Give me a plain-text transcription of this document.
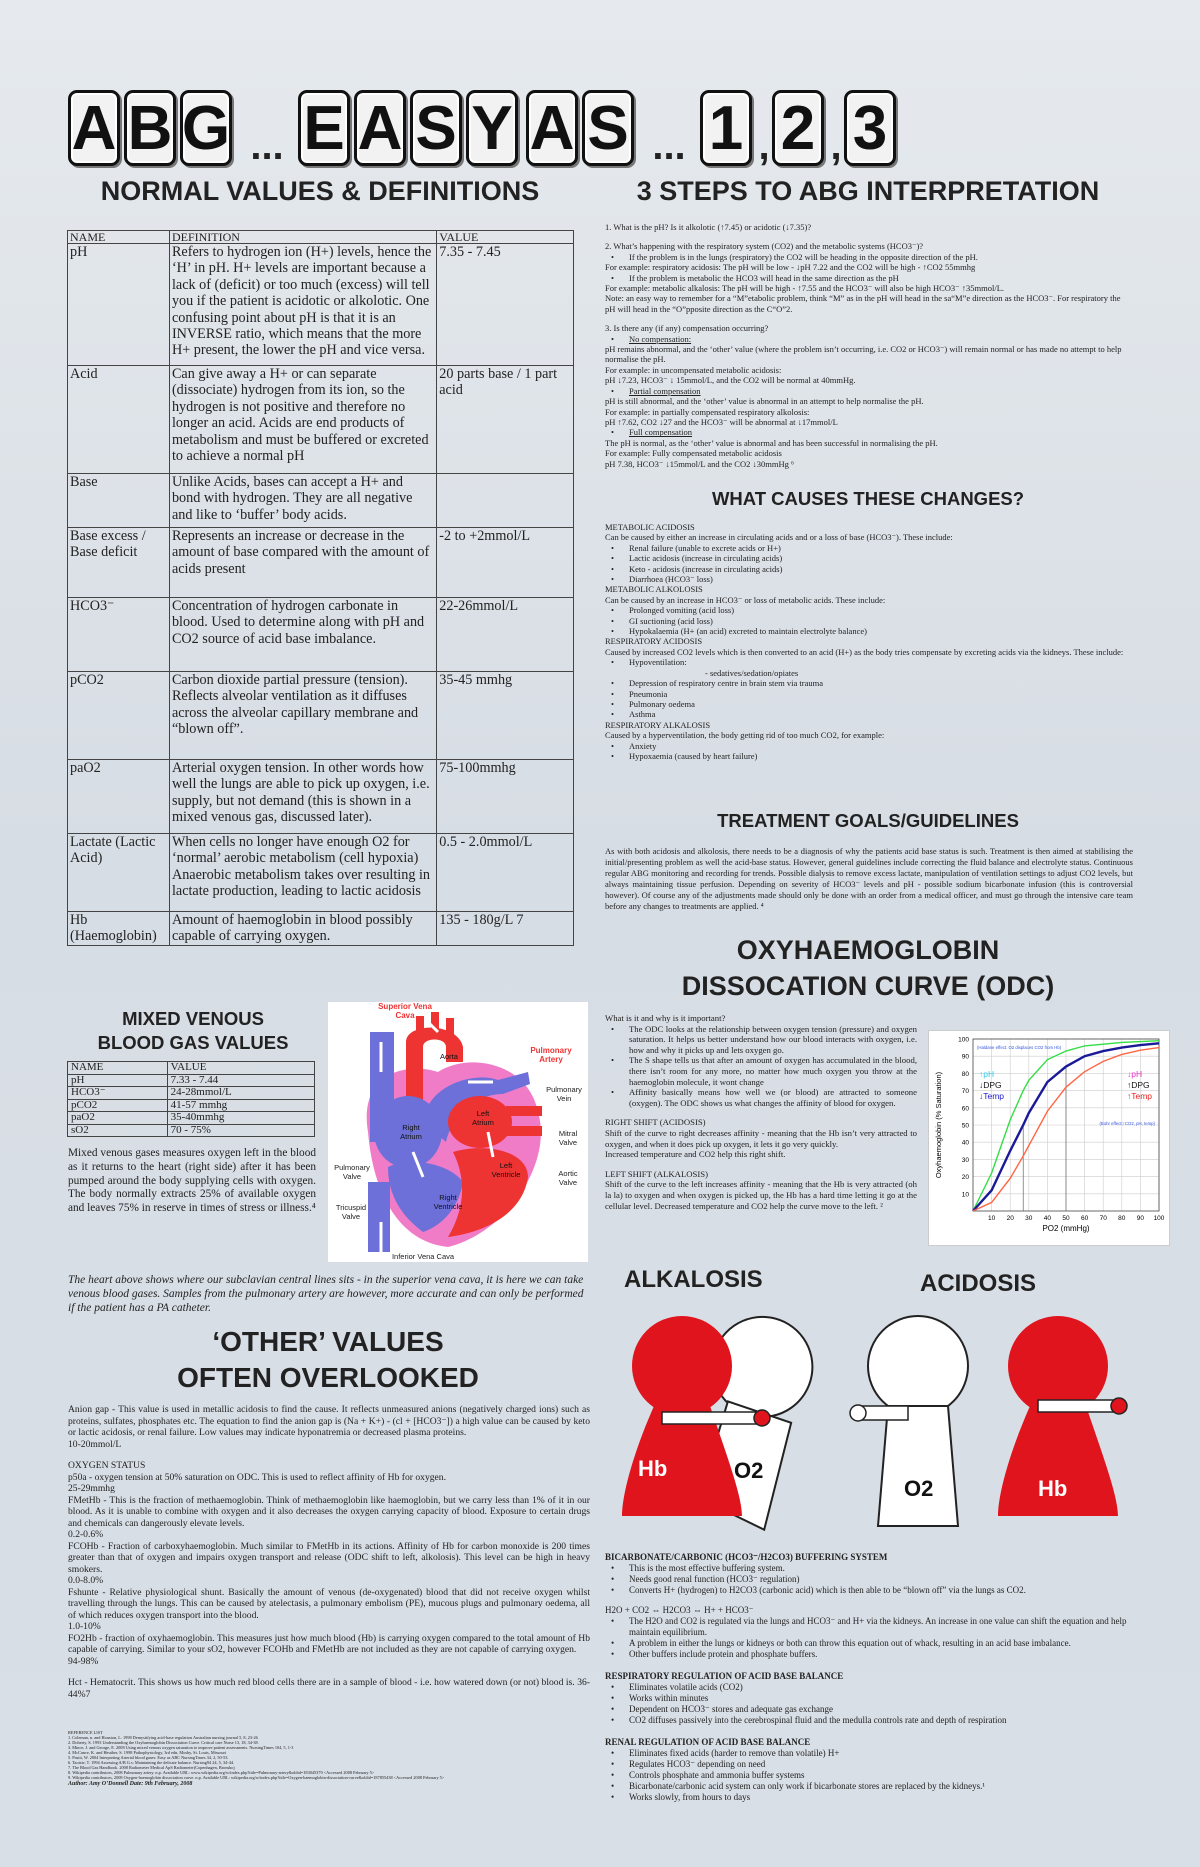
A B G ... E A S Y A S ... 1 , 2 , 3
NORMAL VALUES & DEFINITIONS
NAME	DEFINITION	VALUE
pH	Refers to hydrogen ion (H+) levels, hence the ‘H’ in pH. H+ levels are important because a lack of (deficit) or too much (excess) will tell you if the patient is acidotic or alkolotic. One confusing point about pH is that it is an INVERSE ratio, which means that the more H+ present, the lower the pH and vice versa.	7.35 - 7.45
Acid	Can give away a H+ or can separate (dissociate) hydrogen from its ion, so the hydrogen is not positive and therefore no longer an acid. Acids are end products of metabolism and must be buffered or excreted to achieve a normal pH	20 parts base / 1 part acid
Base	Unlike Acids, bases can accept a H+ and bond with hydrogen. They are all negative and like to ‘buffer’ body acids.	
Base excess / Base deficit	Represents an increase or decrease in the amount of base compared with the amount of acids present	-2 to +2mmol/L
HCO3⁻	Concentration of hydrogen carbonate in blood. Used to determine along with pH and CO2 source of acid base imbalance.	22-26mmol/L
pCO2	Carbon dioxide partial pressure (tension). Reflects alveolar ventilation as it diffuses across the alveolar capillary membrane and “blown off”.	35-45 mmhg
paO2	Arterial oxygen tension. In other words how well the lungs are able to pick up oxygen, i.e. supply, but not demand (this is shown in a mixed venous gas, discussed later).	75-100mmhg
Lactate (Lactic Acid)	When cells no longer have enough O2 for ‘normal’ aerobic metabolism (cell hypoxia) Anaerobic metabolism takes over resulting in lactate production, leading to lactic acidosis	0.5 - 2.0mmol/L
Hb (Haemoglobin)	Amount of haemoglobin in blood possibly capable of carrying oxygen.	135 - 180g/L 7
MIXED VENOUS
BLOOD GAS VALUES
NAME	VALUE
pH	7.33 - 7.44
HCO3⁻	24-28mmol/L
pCO2	41-57 mmhg
paO2	35-40mmhg
sO2	70 - 75%
Mixed venous gases measures oxygen left in the blood as it returns to the heart (right side) after it has been pumped around the body supplying cells with oxygen. The body normally extracts 25% of available oxygen and leaves 75% in reserve in times of stress or illness.⁴
Superior Vena Cava
Aorta
Pulmonary Artery
Pulmonary Vein
Left Atrium
Right Atrium	Mitral Valve
Pulmonary Valve
Left Ventricle	Aortic Valve
Right Ventricle
Tricuspid Valve
Inferior Vena Cava
The heart above shows where our subclavian central lines sits - in the superior vena cava, it is here we can take venous blood gases. Samples from the pulmonary artery are however, more accurate and can only be performed if the patient has a PA catheter.
‘OTHER’ VALUES
OFTEN OVERLOOKED
Anion gap - This value is used in metallic acidosis to find the cause. It reflects unmeasured anions (negatively charged ions) such as proteins, sulfates, phosphates etc. The equation to find the anion gap is (Na + K+) - (cl + [HCO3⁻]) a high value can be caused by keto or lactic acidosis, or renal failure. Low values may indicate hyponatremia or decreased plasma proteins.
10-20mmol/L
OXYGEN STATUS
p50a - oxygen tension at 50% saturation on ODC. This is used to reflect affinity of Hb for oxygen.
25-29mmhg
FMetHb - This is the fraction of methaemoglobin. Think of methaemoglobin like haemoglobin, but we carry less than 1% of it in our blood. As it is unable to combine with oxygen and it also decreases the oxygen carrying capacity of blood. Exposure to certain drugs and chemicals can dangerously elevate levels.
0.2-0.6%
FCOHb - Fraction of carboxyhaemoglobin. Much similar to FMetHb in its actions. Affinity of Hb for carbon monoxide is 200 times greater than that of oxygen and impairs oxygen transport and release (ODC shift to left, alkolosis). This level can be high in heavy smokers.
0.0-8.0%
Fshunte - Relative physiological shunt. Basically the amount of venous (de-oxygenated) blood that did not receive oxygen whilst travelling through the lungs. This can be caused by atelectasis, a pulmonary embolism (PE), mucous plugs and pulmonary oedema, all of which reduces oxygen transport into the blood.
1.0-10%
FO2Hb - fraction of oxyhaemoglobin. This measures just how much blood (Hb) is carrying oxygen compared to the total amount of Hb capable of carrying. Similar to your sO2, however FCOHb and FMetHb are not included as they are not capable of carrying oxygen.
94-98%
Hct - Hematocrit. This shows us how much red blood cells there are in a sample of blood - i.e. how watered down (or not) blood is. 36-44%7
REFERENCE LIST
1. Coleman, n. and Houston, L. 1998 Demystifying acid-base regulation Australian nursing journal 5, 8, 23-26
2. Doherty, S. 1993 Understanding the Oxyhaemoglobin Dissociation Curve. Critical care Nurse 13, 18, 34-38.
3. Mince, J. and George, E. 2008 Using mixed venous oxygen saturation to improve patient assessments. NursingTimes 104, 5, 1-3
4. McCance, K. and Heuther, S. 1998 Pathophysiology, 3rd edn, Mosby, St. Louis, Missouri
5. Pruitt, W. 2004 Interpreting Arterial blood gases: Easy as ABC NursingTimes 34, 2, 50-53.
6. Taotsie, T. 1994 Assessing A/B G.s: Maintaining the delicate balance. Nursing94 24, 5, 34-44.
7. The Blood Gas Handbook. 2008 Radiometer Medical ApS Radiometer(Copenhagen, Bronshoj
8. Wikipedia contributors, 2008 Pulmonary artery. n.p. Available URL: www.wikipedia.org/w/index.php?title=Pulmonary-artery&oldid=183045379 <Accessed 2008 February 5>
9. Wikipedia contributors, 2008 Oxygen-haemoglobin dissociation curve. n.p. Available URL: wikipedia.org/w/index.php?title=Oxygen-haemoglobin-dissociation-curve&oldid=187855438 <Accessed 2008 February 5>
Author: Amy O’Donnell Date: 9th February, 2008
3 STEPS TO ABG INTERPRETATION
1. What is the pH? Is it alkolotic (↑7.45) or acidotic (↓7.35)?
2. What’s happening with the respiratory system (CO2) and the metabolic systems (HCO3⁻)?
• If the problem is in the lungs (respiratory) the CO2 will be heading in the opposite direction of the pH.
For example: respiratory acidosis: The pH will be low - ↓pH 7.22 and the CO2 will be high - ↑CO2 55mmhg
• If the problem is metabolic the HCO3 will head in the same direction as the pH
For example: metabolic alkalosis: The pH will be high - ↑7.55 and the HCO3⁻ will also be high HCO3⁻ ↑35mmol/L.
Note: an easy way to remember for a “M”etabolic problem, think “M” as in the pH will head in the sa“M”e direction as the HCO3⁻. For respiratory the pH will head in the “O”pposite direction as the C“O”2.
3. Is there any (if any) compensation occurring?
• No compensation:
pH remains abnormal, and the ‘other’ value (where the problem isn’t occurring, i.e. CO2 or HCO3⁻) will remain normal or has made no attempt to help normalise the pH.
For example: in uncompensated metabolic acidosis:
pH ↓7.23, HCO3⁻ ↓ 15mmol/L, and the CO2 will be normal at 40mmHg.
• Partial compensation
pH is still abnormal, and the ‘other’ value is abnormal in an attempt to help normalise the pH.
For example: in partially compensated respiratory alkolosis:
pH ↑7.62, CO2 ↓27 and the HCO3⁻ will be abnormal at ↓17mmol/L
• Full compensation
The pH is normal, as the ‘other’ value is abnormal and has been successful in normalising the pH.
For example: Fully compensated metabolic acidosis
pH 7.38, HCO3⁻ ↓15mmol/L and the CO2 ↓30mmHg ⁶
WHAT CAUSES THESE CHANGES?
METABOLIC ACIDOSIS
Can be caused by either an increase in circulating acids and or a loss of base (HCO3⁻). These include:
• Renal failure (unable to excrete acids or H+)
• Lactic acidosis (increase in circulating acids)
• Keto - acidosis (increase in circulating acids)
• Diarrhoea (HCO3⁻ loss)
METABOLIC ALKOLOSIS
Can be caused by an increase in HCO3⁻ or loss of metabolic acids. These include:
• Prolonged vomiting (acid loss)
• GI suctioning (acid loss)
• Hypokalaemia (H+ (an acid) excreted to maintain electrolyte balance)
RESPIRATORY ACIDOSIS
Caused by increased CO2 levels which is then converted to an acid (H+) as the body tries compensate by excreting acids via the kidneys. These include:
• Hypoventilation:
- sedatives/sedation/opiates
• Depression of respiratory centre in brain stem via trauma
• Pneumonia
• Pulmonary oedema
• Asthma
RESPIRATORY ALKALOSIS
Caused by a hyperventilation, the body getting rid of too much CO2, for example:
• Anxiety
• Hypoxaemia (caused by heart failure)
TREATMENT GOALS/GUIDELINES
As with both acidosis and alkolosis, there needs to be a diagnosis of why the patients acid base status is such. Treatment is then aimed at stabilising the initial/presenting problem as well the acid-base status. However, general guidelines include correcting the fluid balance and electrolyte status. Continuous regular ABG monitoring and recording for trends. Possible dialysis to remove excess lactate, manipulation of ventilation settings to adjust CO2 levels, but always maintaining tissue perfusion. Depending on severity of HCO3⁻ levels and pH - possible sodium bicarbonate infusion (this is controversial however). Of course any of the adjustments made should only be done with an order from a medical officer, and must go through the intensive care team before any changes to treatments are applied. ⁴
OXYHAEMOGLOBIN
DISSOCATION CURVE (ODC)
What is it and why is it important?
• The ODC looks at the relationship between oxygen tension (pressure) and oxygen saturation. It helps us better understand how our blood interacts with oxygen, i.e. how and why it picks up and lets oxygen go.
• The S shape tells us that after an amount of oxygen has accumulated in the blood, there isn’t room for any more, no matter how much oxygen you throw at the haemoglobin molecule, it wont change
• Affinity basically means how well we (or blood) are attracted to someone (oxygen). The ODC shows us what changes the affinity of blood for oxygen.
RIGHT SHIFT (ACIDOSIS)
Shift of the curve to right decreases affinity - meaning that the Hb isn’t very attracted to oxygen, and when it does pick up oxygen, it lets it go very quickly.
Increased temperature and CO2 help this right shift.
LEFT SHIFT (ALKALOSIS)
Shift of the curve to the left increases affinity - meaning that the Hb is very attracted (oh la la) to oxygen and when oxygen is picked up, the Hb has a hard time letting it go at the cellular level. Decreased temperature and CO2 help the curve move to the left. ²
10
20
30
40
50
60
70
80
90
100
10 20 30 40 50 60 70 80 90 100
PO2 (mmHg)
Oxyhaemoglobin (% Saturation)
(Haldane effect: O2 displaces CO2 from Hb)
(Bohr effect:↑CO2, pH, temp)
↑pH
↓DPG
↓Temp
↓pH
↑DPG
↑Temp
ALKALOSIS	ACIDOSIS
Hb	O2
O2	Hb
BICARBONATE/CARBONIC (HCO3⁻/H2CO3) BUFFERING SYSTEM
• This is the most effective buffering system.
• Needs good renal function (HCO3⁻ regulation)
• Converts H+ (hydrogen) to H2CO3 (carbonic acid) which is then able to be “blown off” via the lungs as CO2.
H2O + CO2 ⇔ H2CO3 ⇔ H+ + HCO3⁻
• The H2O and CO2 is regulated via the lungs and HCO3⁻ and H+ via the kidneys. An increase in one value can shift the equation and help maintain equilibrium.
• A problem in either the lungs or kidneys or both can throw this equation out of whack, resulting in an acid base imbalance.
• Other buffers include protein and phosphate buffers.
RESPIRATORY REGULATION OF ACID BASE BALANCE
• Eliminates volatile acids (CO2)
• Works within minutes
• Dependent on HCO3⁻ stores and adequate gas exchange
• CO2 diffuses passively into the cerebrospinal fluid and the medulla controls rate and depth of respiration
RENAL REGULATION OF ACID BASE BALANCE
• Eliminates fixed acids (harder to remove than volatile) H+
• Regulates HCO3⁻ depending on need
• Controls phosphate and ammonia buffer systems
• Bicarbonate/carbonic acid system can only work if bicarbonate stores are replaced by the kidneys.¹
• Works slowly, from hours to days
